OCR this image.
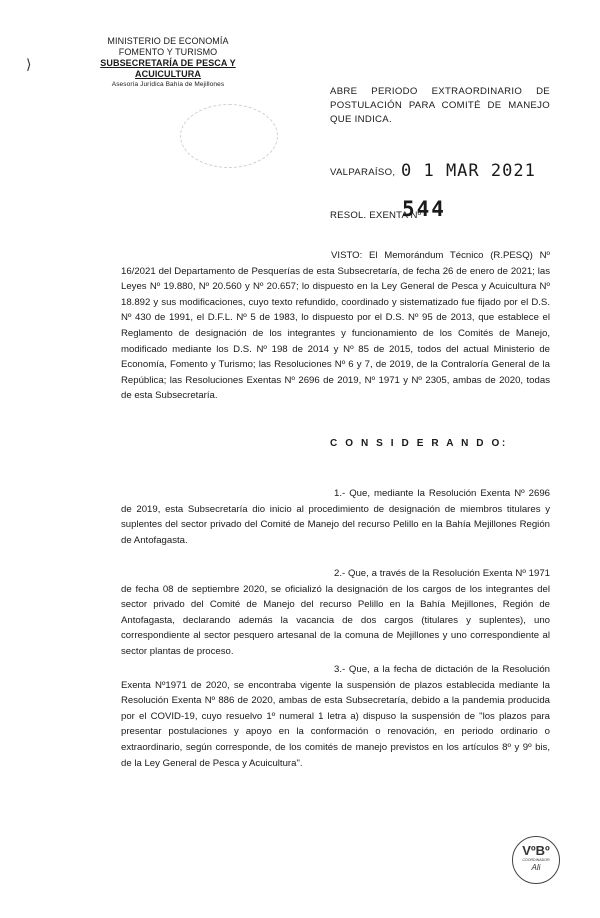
MINISTERIO DE ECONOMÍA
FOMENTO Y TURISMO
SUBSECRETARÍA DE PESCA Y ACUICULTURA
Asesoría Jurídica Bahía de Mejillones
⟩
ABRE PERIODO EXTRAORDINARIO DE POSTULACIÓN PARA COMITÉ DE MANEJO QUE INDICA.
VALPARAÍSO, 0 1 MAR 2021
RESOL. EXENTA Nº
544
VISTO: El Memorándum Técnico (R.PESQ) Nº 16/2021 del Departamento de Pesquerías de esta Subsecretaría, de fecha 26 de enero de 2021; las Leyes Nº 19.880, Nº 20.560 y Nº 20.657; lo dispuesto en la Ley General de Pesca y Acuicultura Nº 18.892 y sus modificaciones, cuyo texto refundido, coordinado y sistematizado fue fijado por el D.S. Nº 430 de 1991, el D.F.L. Nº 5 de 1983, lo dispuesto por el D.S. Nº 95 de 2013, que establece el Reglamento de designación de los integrantes y funcionamiento de los Comités de Manejo, modificado mediante los D.S. Nº 198 de 2014 y Nº 85 de 2015, todos del actual Ministerio de Economía, Fomento y Turismo; las Resoluciones Nº 6 y 7, de 2019, de la Contraloría General de la República; las Resoluciones Exentas Nº 2696 de 2019, Nº 1971 y Nº 2305, ambas de 2020, todas de esta Subsecretaría.
C O N S I D E R A N D O:
1.- Que, mediante la Resolución Exenta Nº 2696 de 2019, esta Subsecretaría dio inicio al procedimiento de designación de miembros titulares y suplentes del sector privado del Comité de Manejo del recurso Pelillo en la Bahía Mejillones Región de Antofagasta.
2.- Que, a través de la Resolución Exenta Nº 1971 de fecha 08 de septiembre 2020, se oficializó la designación de los cargos de los integrantes del sector privado del Comité de Manejo del recurso Pelillo en la Bahía Mejillones, Región de Antofagasta, declarando además la vacancia de dos cargos (titulares y suplentes), uno correspondiente al sector pesquero artesanal de la comuna de Mejillones y uno correspondiente al sector plantas de proceso.
3.- Que, a la fecha de dictación de la Resolución Exenta Nº1971 de 2020, se encontraba vigente la suspensión de plazos establecida mediante la Resolución Exenta Nº 886 de 2020, ambas de esta Subsecretaría, debido a la pandemia producida por el COVID-19, cuyo resuelvo 1º numeral 1 letra a) dispuso la suspensión de "los plazos para presentar postulaciones y apoyo en la conformación o renovación, en periodo ordinario o extraordinario, según corresponde, de los comités de manejo previstos en los artículos 8º y 9º bis, de la Ley General de Pesca y Acuicultura".
VºBº
COORDINADOR
Ali
